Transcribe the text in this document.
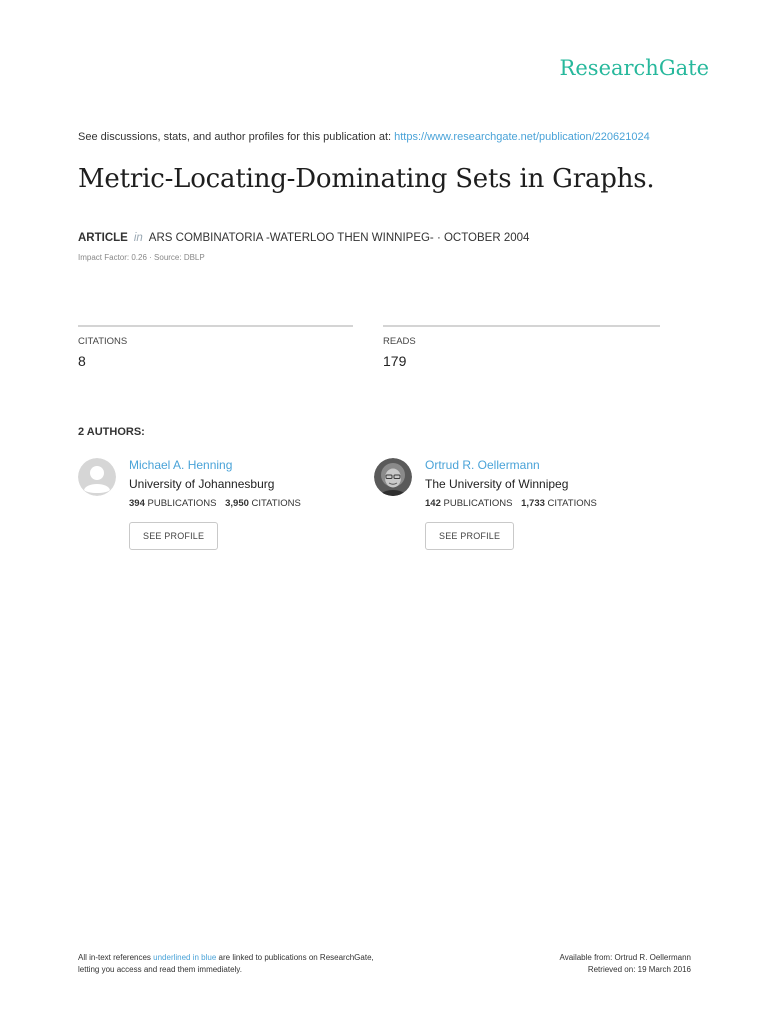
ResearchGate
See discussions, stats, and author profiles for this publication at: https://www.researchgate.net/publication/220621024
Metric-Locating-Dominating Sets in Graphs.
ARTICLE in ARS COMBINATORIA -WATERLOO THEN WINNIPEG- · OCTOBER 2004
Impact Factor: 0.26 · Source: DBLP
CITATIONS
8
READS
179
2 AUTHORS:
Michael A. Henning
University of Johannesburg
394 PUBLICATIONS 3,950 CITATIONS
SEE PROFILE
Ortrud R. Oellermann
The University of Winnipeg
142 PUBLICATIONS 1,733 CITATIONS
SEE PROFILE
All in-text references underlined in blue are linked to publications on ResearchGate,
letting you access and read them immediately.
Available from: Ortrud R. Oellermann
Retrieved on: 19 March 2016
